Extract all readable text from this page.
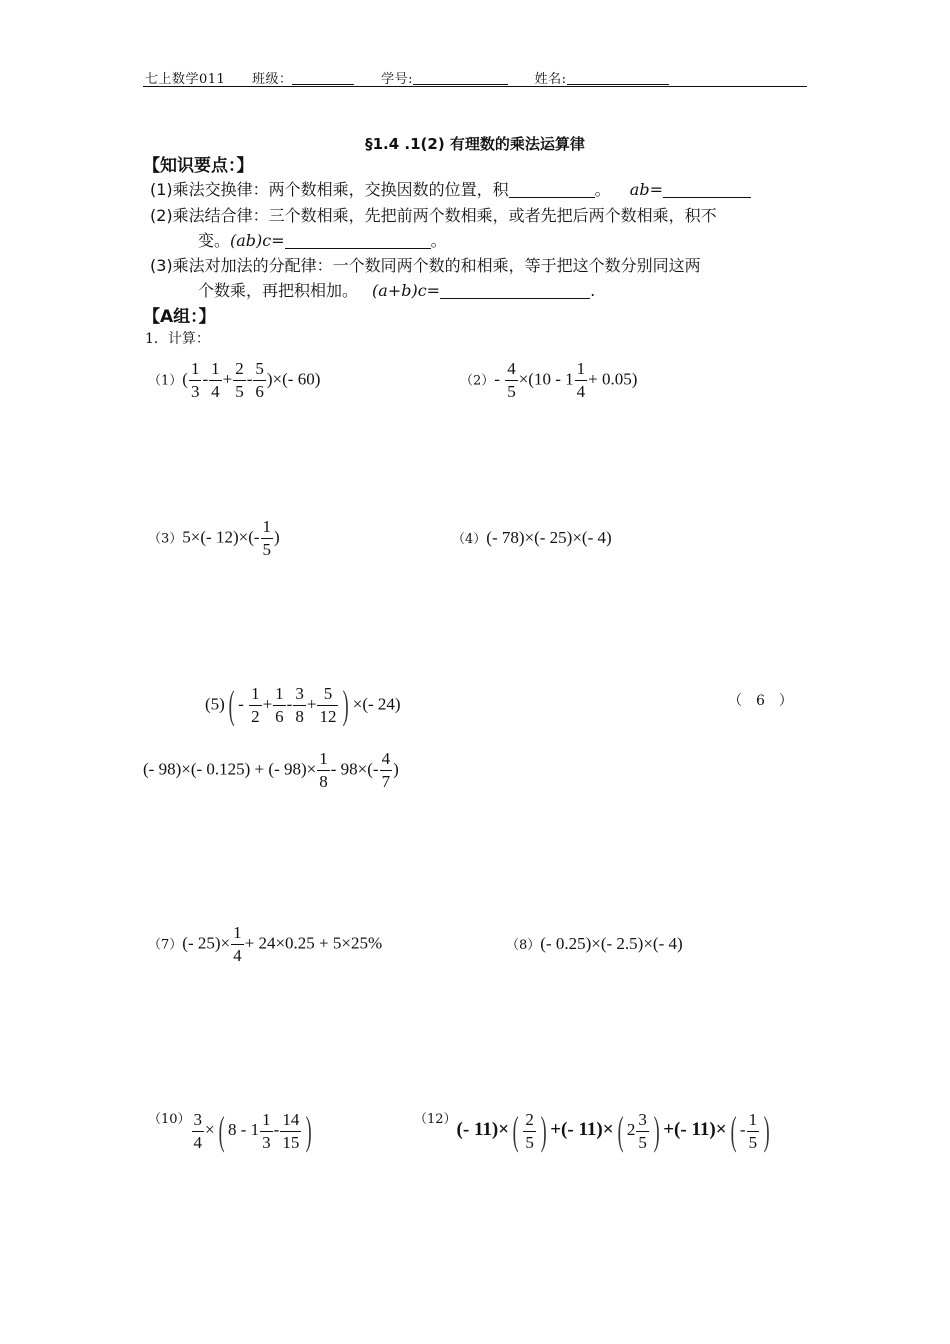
七上数学011 班级：	学号:	姓名:
§1.4 .1(2) 有理数的乘法运算律
【知识要点：】
(1)乘法交换律：两个数相乘，交换因数的位置，积	。 ab=
(2)乘法结合律：三个数相乘，先把前两个数相乘，或者先把后两个数相乘，积不
变。(ab)c=	。
(3)乘法对加法的分配律：一个数同两个数的和相乘，等于把这个数分别同这两
个数乘，再把积相加。 (a+b)c=	.
【A组：】
1．计算：
$(1)( \frac{1}{3} - \frac{1}{4} + \frac{2}{5} - \frac{5}{6}$ )×(- 60)	$(2)- \frac{4}{5} \times(10 - 1 \frac{1}{4} + 0.05)$
（3）5×(- $12)\times(- \frac{1}{5}$ )	（4）(- 78)×(- 25)×(- 4)
$(5)( - \frac{1}{2} + \frac{1}{6} - \frac{3}{8} + \frac{5}{12}$ ) ×(- 24)	（　6　）
(- 98)×(- 0.125) + (- $98)\times \frac{1}{8} - 98\times(- \frac{4}{7}$ )
（7）(- $25)\times \frac{1}{4} + 24\times 0.25 + 5\times 25\%$	（8）(- 0.25)×(- 2.5)×(- 4)
$^{(10)} \frac{3}{4}$ ×( $8 - 1 \frac{1}{3} - \frac{14}{15}$ )	$^{(12)}$(- $11)\times( \frac{2}{5}$ ) +(- 11)×( $2 \frac{3}{5}$ ) +(- $11)\times( - \frac{1}{5}$ )
